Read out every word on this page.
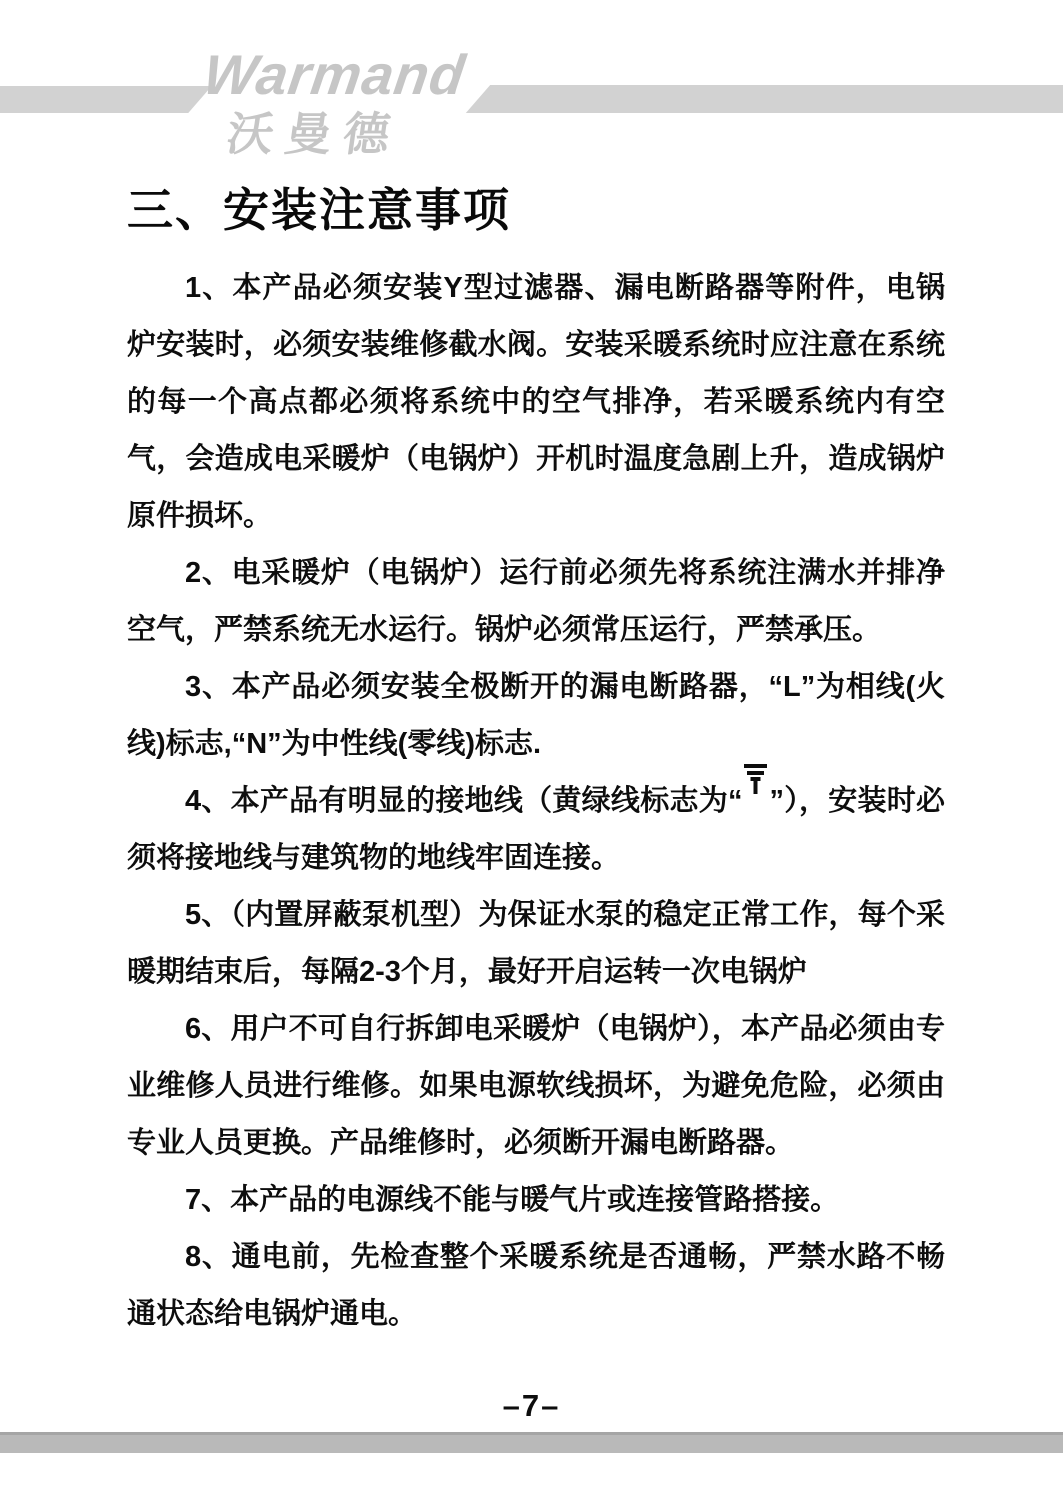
Warmand
沃曼德
三、安装注意事项

1、本产品必须安装Y型过滤器、漏电断路器等附件，电锅炉安装时，必须安装维修截水阀。安装采暖系统时应注意在系统的每一个高点都必须将系统中的空气排净，若采暖系统内有空气，会造成电采暖炉（电锅炉）开机时温度急剧上升，造成锅炉原件损坏。

2、电采暖炉（电锅炉）运行前必须先将系统注满水并排净空气，严禁系统无水运行。锅炉必须常压运行，严禁承压。

3、本产品必须安装全极断开的漏电断路器，“L”为相线(火线)标志,“N”为中性线(零线)标志.

4、本产品有明显的接地线（黄绿线标志为“ ”），安装时必须将接地线与建筑物的地线牢固连接。

5、（内置屏蔽泵机型）为保证水泵的稳定正常工作，每个采暖期结束后，每隔2-3个月，最好开启运转一次电锅炉

6、用户不可自行拆卸电采暖炉（电锅炉），本产品必须由专业维修人员进行维修。如果电源软线损坏，为避免危险，必须由专业人员更换。产品维修时，必须断开漏电断路器。

7、本产品的电源线不能与暖气片或连接管路搭接。

8、通电前，先检查整个采暖系统是否通畅，严禁水路不畅通状态给电锅炉通电。

–7–
